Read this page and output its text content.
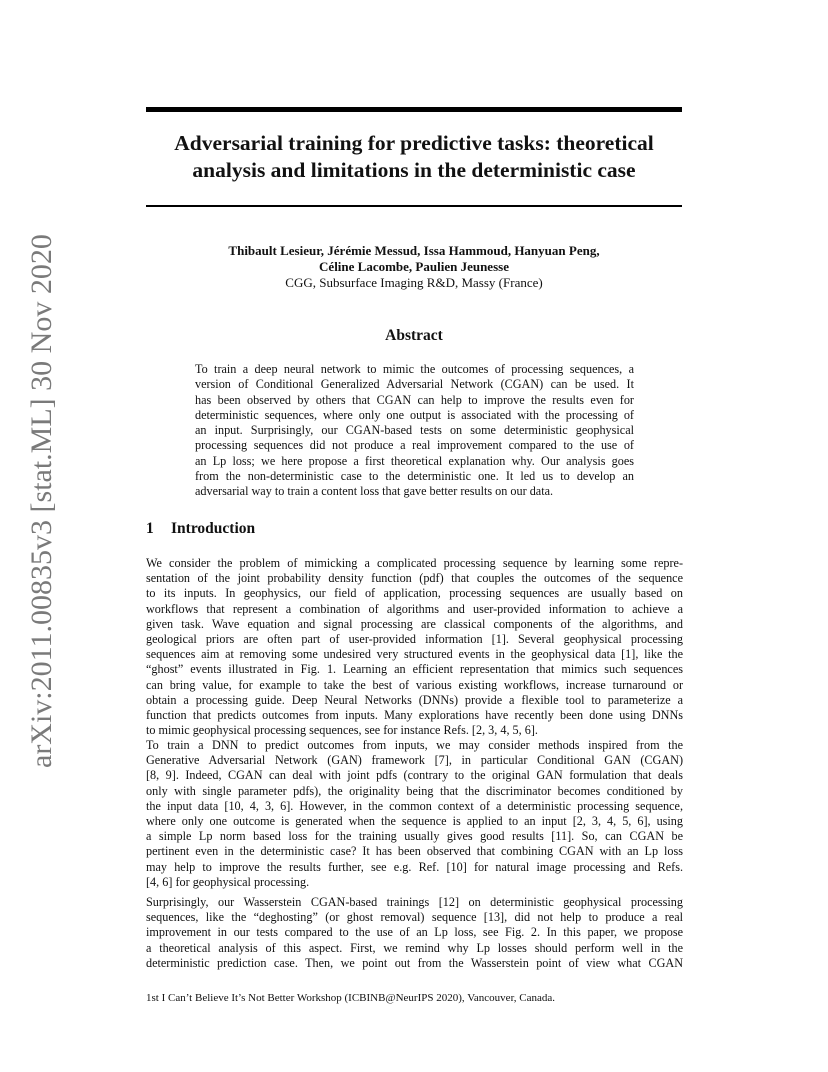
arXiv:2011.00835v3 [stat.ML] 30 Nov 2020
Adversarial training for predictive tasks: theoretical
analysis and limitations in the deterministic case
Thibault Lesieur, Jérémie Messud, Issa Hammoud, Hanyuan Peng,
Céline Lacombe, Paulien Jeunesse
CGG, Subsurface Imaging R&D, Massy (France)
Abstract
To train a deep neural network to mimic the outcomes of processing sequences, a
version of Conditional Generalized Adversarial Network (CGAN) can be used. It
has been observed by others that CGAN can help to improve the results even for
deterministic sequences, where only one output is associated with the processing of
an input. Surprisingly, our CGAN-based tests on some deterministic geophysical
processing sequences did not produce a real improvement compared to the use of
an Lp loss; we here propose a first theoretical explanation why. Our analysis goes
from the non-deterministic case to the deterministic one. It led us to develop an
adversarial way to train a content loss that gave better results on our data.
1 Introduction
We consider the problem of mimicking a complicated processing sequence by learning some repre-
sentation of the joint probability density function (pdf) that couples the outcomes of the sequence
to its inputs. In geophysics, our field of application, processing sequences are usually based on
workflows that represent a combination of algorithms and user-provided information to achieve a
given task. Wave equation and signal processing are classical components of the algorithms, and
geological priors are often part of user-provided information [1]. Several geophysical processing
sequences aim at removing some undesired very structured events in the geophysical data [1], like the
“ghost” events illustrated in Fig. 1. Learning an efficient representation that mimics such sequences
can bring value, for example to take the best of various existing workflows, increase turnaround or
obtain a processing guide. Deep Neural Networks (DNNs) provide a flexible tool to parameterize a
function that predicts outcomes from inputs. Many explorations have recently been done using DNNs
to mimic geophysical processing sequences, see for instance Refs. [2, 3, 4, 5, 6].
To train a DNN to predict outcomes from inputs, we may consider methods inspired from the
Generative Adversarial Network (GAN) framework [7], in particular Conditional GAN (CGAN)
[8, 9]. Indeed, CGAN can deal with joint pdfs (contrary to the original GAN formulation that deals
only with single parameter pdfs), the originality being that the discriminator becomes conditioned by
the input data [10, 4, 3, 6]. However, in the common context of a deterministic processing sequence,
where only one outcome is generated when the sequence is applied to an input [2, 3, 4, 5, 6], using
a simple Lp norm based loss for the training usually gives good results [11]. So, can CGAN be
pertinent even in the deterministic case? It has been observed that combining CGAN with an Lp loss
may help to improve the results further, see e.g. Ref. [10] for natural image processing and Refs.
[4, 6] for geophysical processing.
Surprisingly, our Wasserstein CGAN-based trainings [12] on deterministic geophysical processing
sequences, like the “deghosting” (or ghost removal) sequence [13], did not help to produce a real
improvement in our tests compared to the use of an Lp loss, see Fig. 2. In this paper, we propose
a theoretical analysis of this aspect. First, we remind why Lp losses should perform well in the
deterministic prediction case. Then, we point out from the Wasserstein point of view what CGAN
1st I Can’t Believe It’s Not Better Workshop (ICBINB@NeurIPS 2020), Vancouver, Canada.
